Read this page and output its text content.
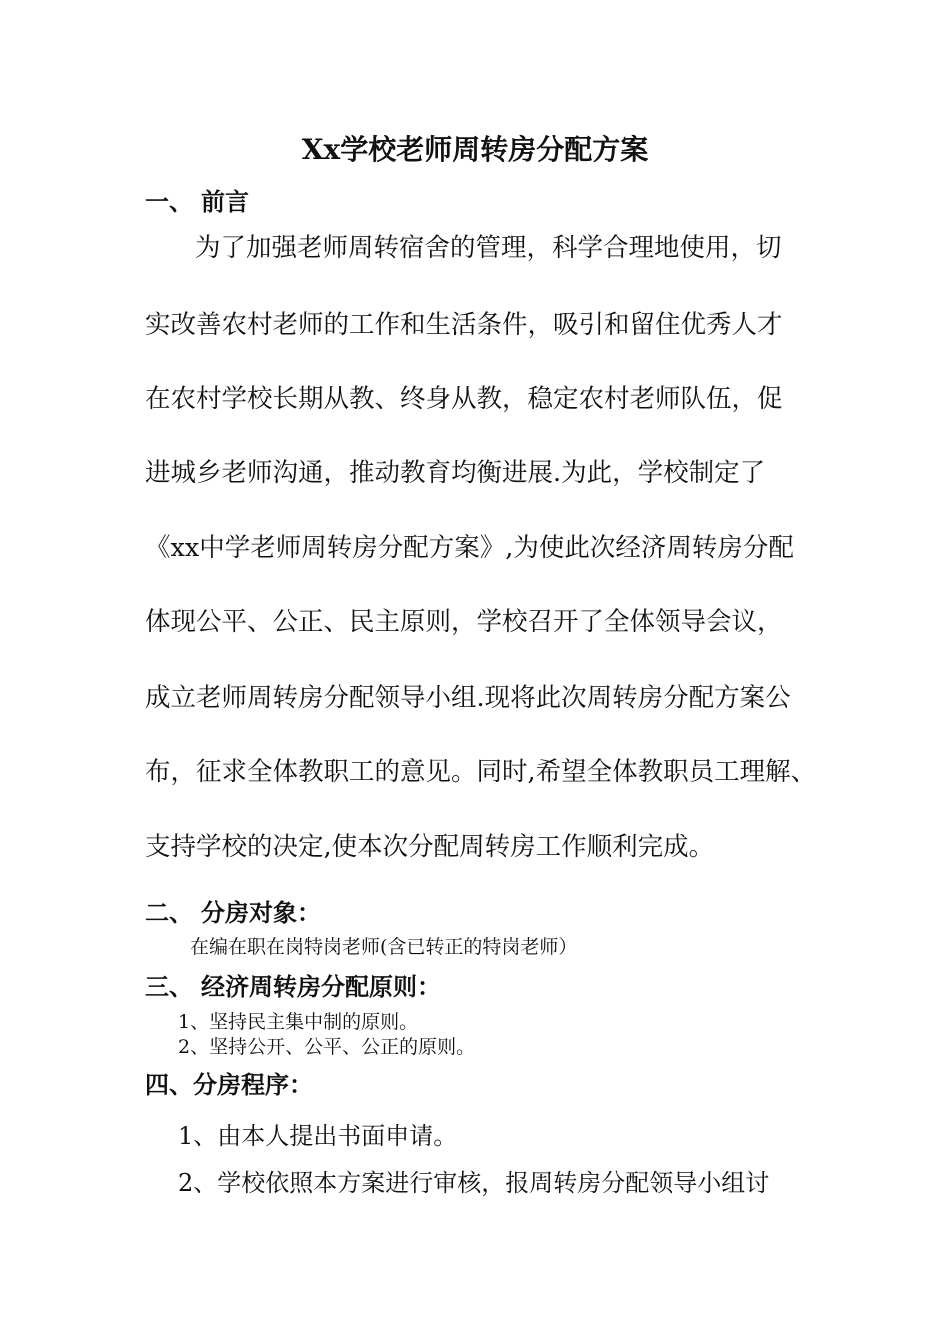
Xx学校老师周转房分配方案
一、 前言
为了加强老师周转宿舍的管理，科学合理地使用，切
实改善农村老师的工作和生活条件，吸引和留住优秀人才
在农村学校长期从教、终身从教，稳定农村老师队伍，促
进城乡老师沟通，推动教育均衡进展.为此，学校制定了
《xx中学老师周转房分配方案》,为使此次经济周转房分配
体现公平、公正、民主原则，学校召开了全体领导会议，
成立老师周转房分配领导小组.现将此次周转房分配方案公
布，征求全体教职工的意见。同时,希望全体教职员工理解、
支持学校的决定,使本次分配周转房工作顺利完成。
二、 分房对象：
在编在职在岗特岗老师(含已转正的特岗老师）
三、 经济周转房分配原则：
1、坚持民主集中制的原则。
2、坚持公开、公平、公正的原则。
四、分房程序：
1、由本人提出书面申请。
2、学校依照本方案进行审核，报周转房分配领导小组讨
